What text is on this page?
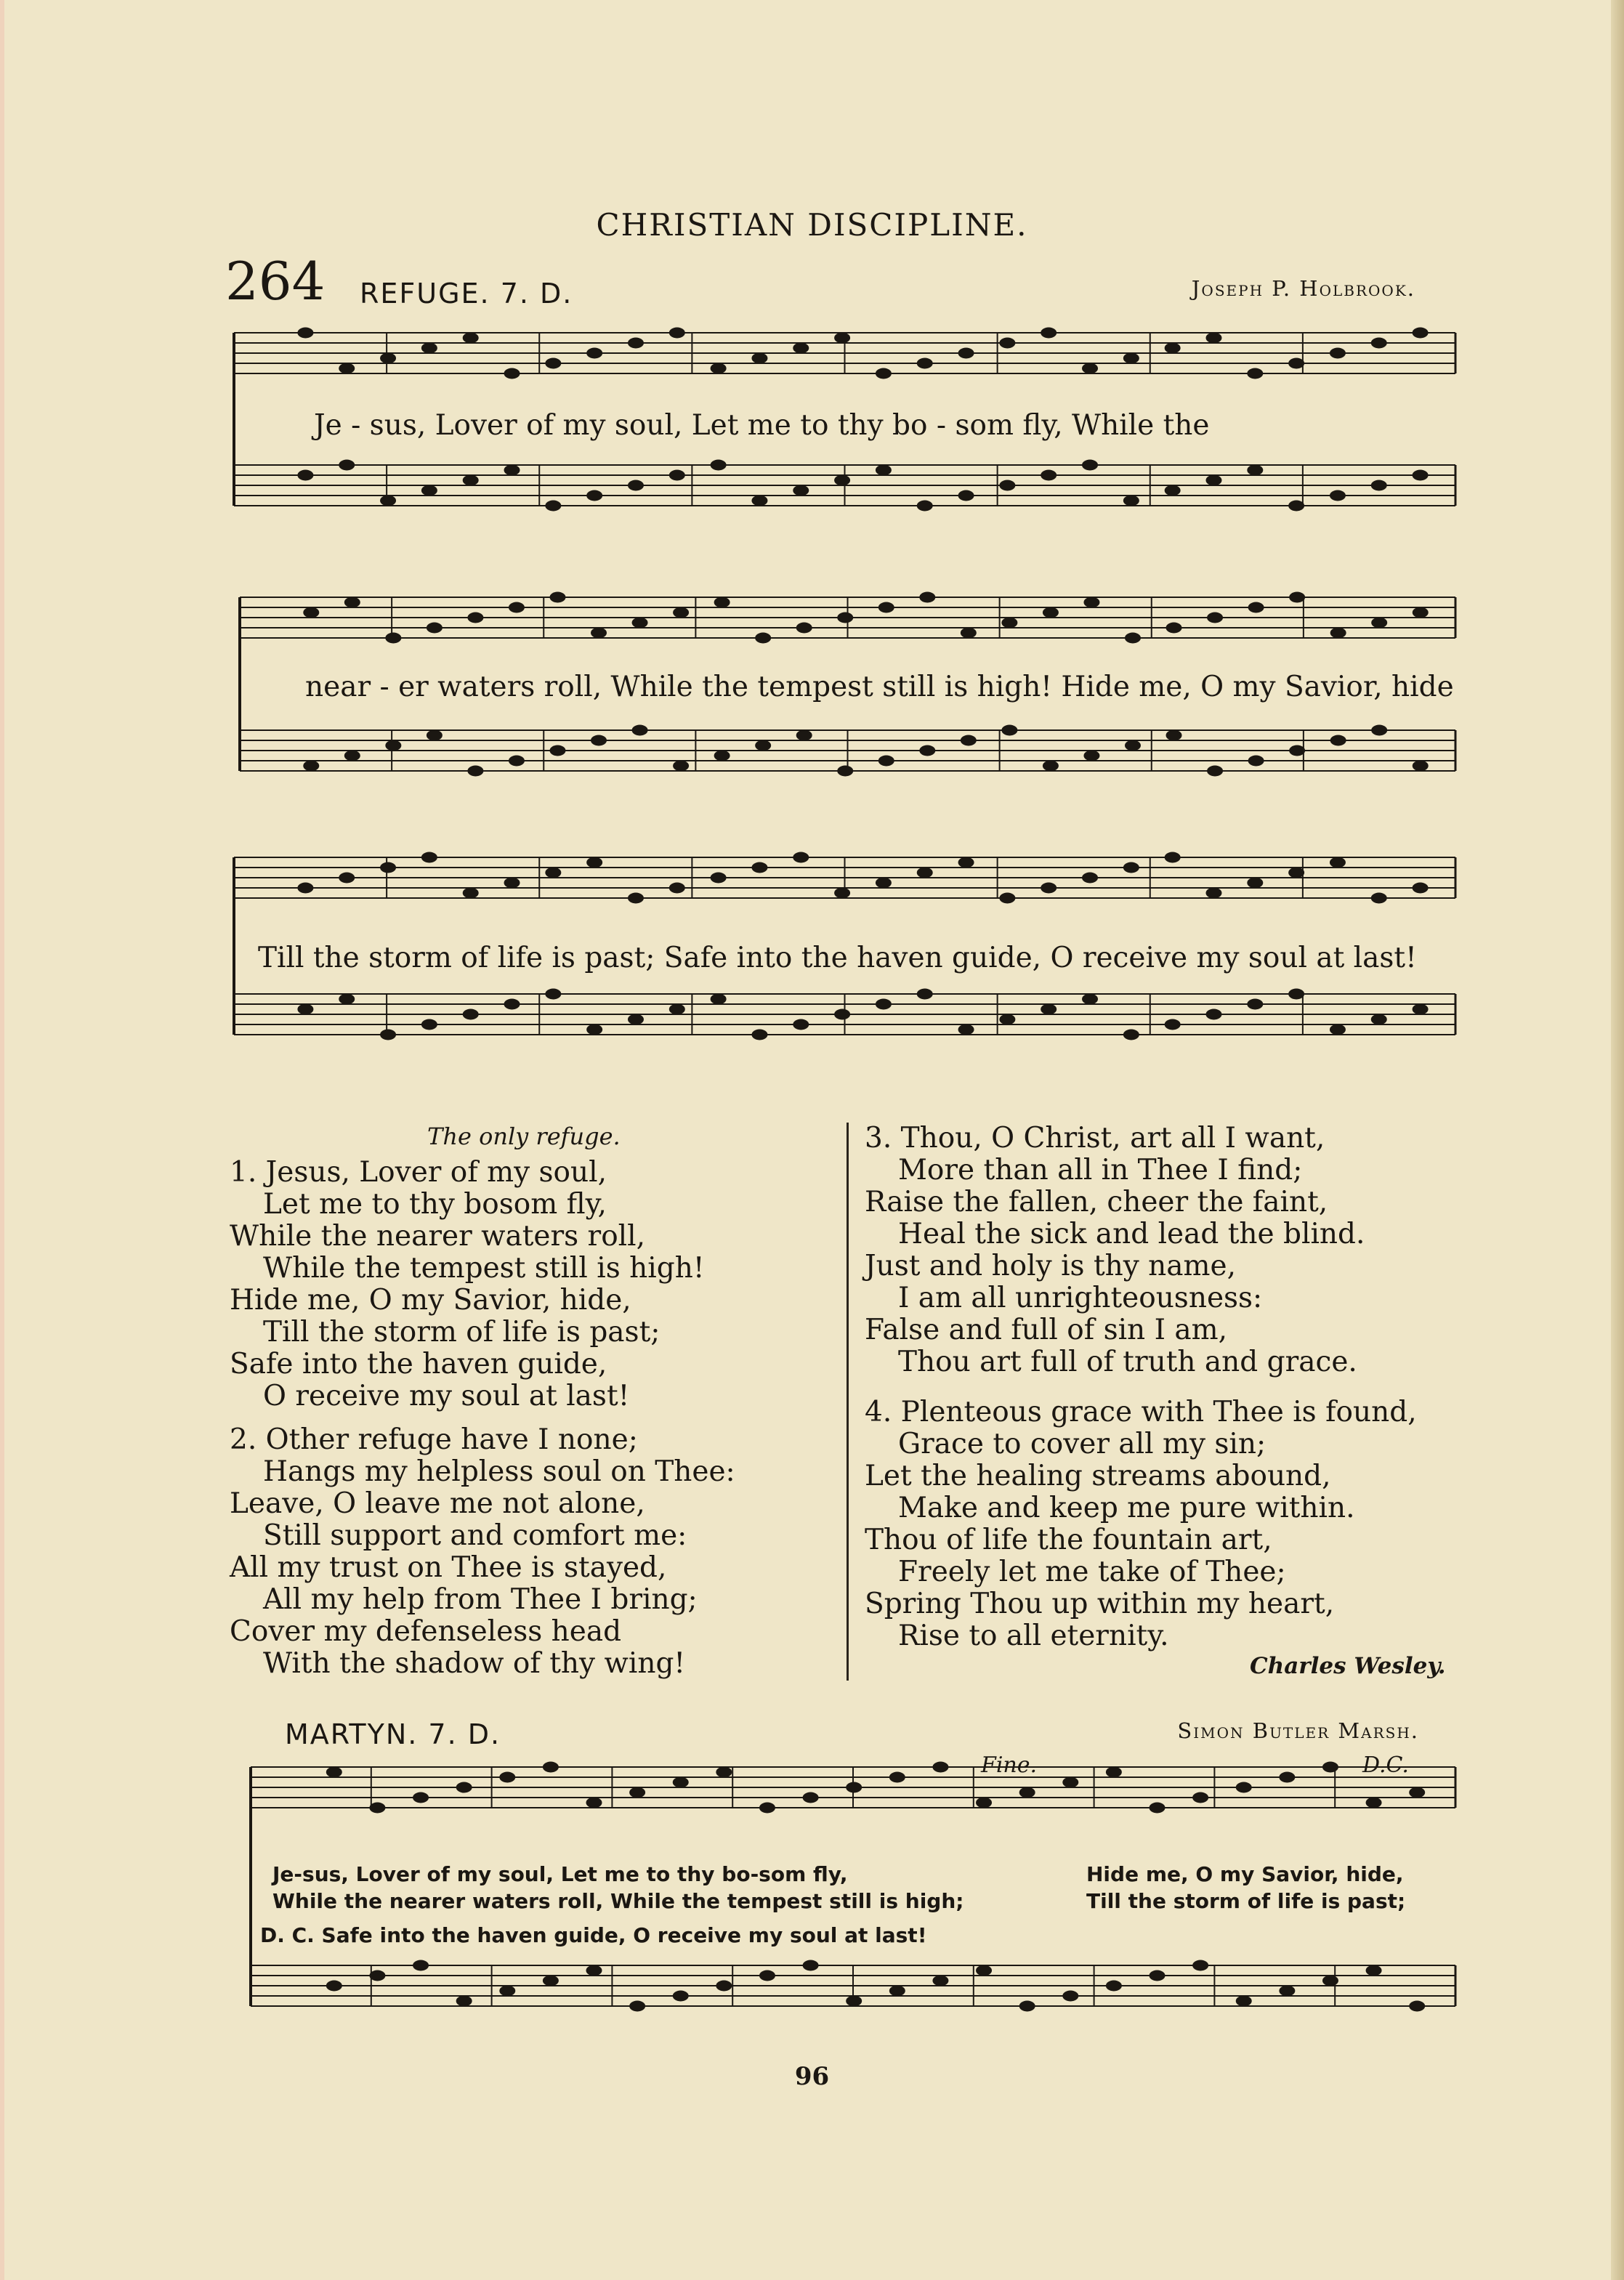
CHRISTIAN DISCIPLINE.
264 REFUGE. 7. D.	Joseph P. Holbrook.
Je - sus, Lover of my soul, Let me to thy bo - som fly, While the
near - er waters roll, While the tempest still is high! Hide me, O my Savior, hide
Till the storm of life is past; Safe into the haven guide, O receive my soul at last!
The only refuge.
1. Jesus, Lover of my soul,
Let me to thy bosom fly,
While the nearer waters roll,
While the tempest still is high!
Hide me, O my Savior, hide,
Till the storm of life is past;
Safe into the haven guide,
O receive my soul at last!
2. Other refuge have I none;
Hangs my helpless soul on Thee:
Leave, O leave me not alone,
Still support and comfort me:
All my trust on Thee is stayed,
All my help from Thee I bring;
Cover my defenseless head
With the shadow of thy wing!
3. Thou, O Christ, art all I want,
More than all in Thee I find;
Raise the fallen, cheer the faint,
Heal the sick and lead the blind.
Just and holy is thy name,
I am all unrighteousness:
False and full of sin I am,
Thou art full of truth and grace.
4. Plenteous grace with Thee is found,
Grace to cover all my sin;
Let the healing streams abound,
Make and keep me pure within.
Thou of life the fountain art,
Freely let me take of Thee;
Spring Thou up within my heart,
Rise to all eternity.
Charles Wesley.
MARTYN. 7. D.	Simon Butler Marsh.
Fine.	D.C.
Je-sus, Lover of my soul, Let me to thy bo-som fly,
While the nearer waters roll, While the tempest still is high;
Hide me, O my Savior, hide,
Till the storm of life is past;
D. C. Safe into the haven guide, O receive my soul at last!
96
